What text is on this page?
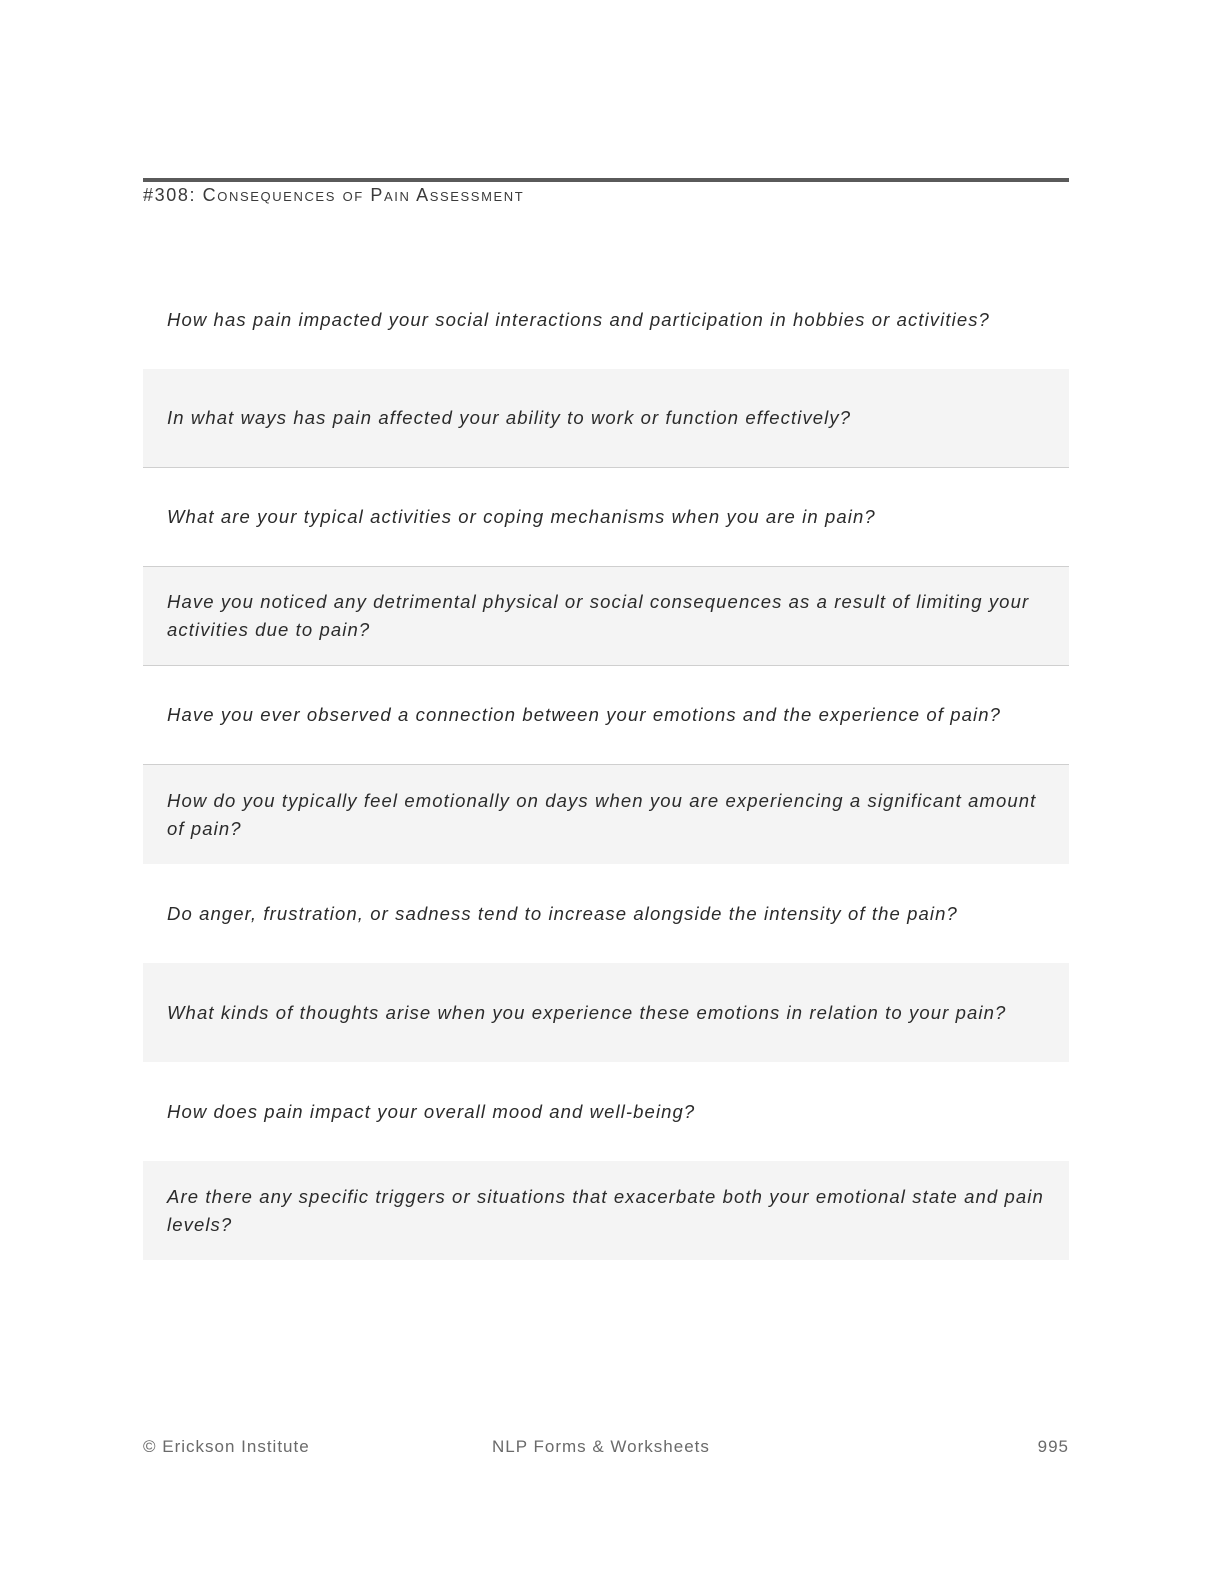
#308: Consequences of Pain Assessment
How has pain impacted your social interactions and participation in hobbies or activities?
In what ways has pain affected your ability to work or function effectively?
What are your typical activities or coping mechanisms when you are in pain?
Have you noticed any detrimental physical or social consequences as a result of limiting your activities due to pain?
Have you ever observed a connection between your emotions and the experience of pain?
How do you typically feel emotionally on days when you are experiencing a significant amount of pain?
Do anger, frustration, or sadness tend to increase alongside the intensity of the pain?
What kinds of thoughts arise when you experience these emotions in relation to your pain?
How does pain impact your overall mood and well-being?
Are there any specific triggers or situations that exacerbate both your emotional state and pain levels?
© Erickson Institute	NLP Forms & Worksheets	995
